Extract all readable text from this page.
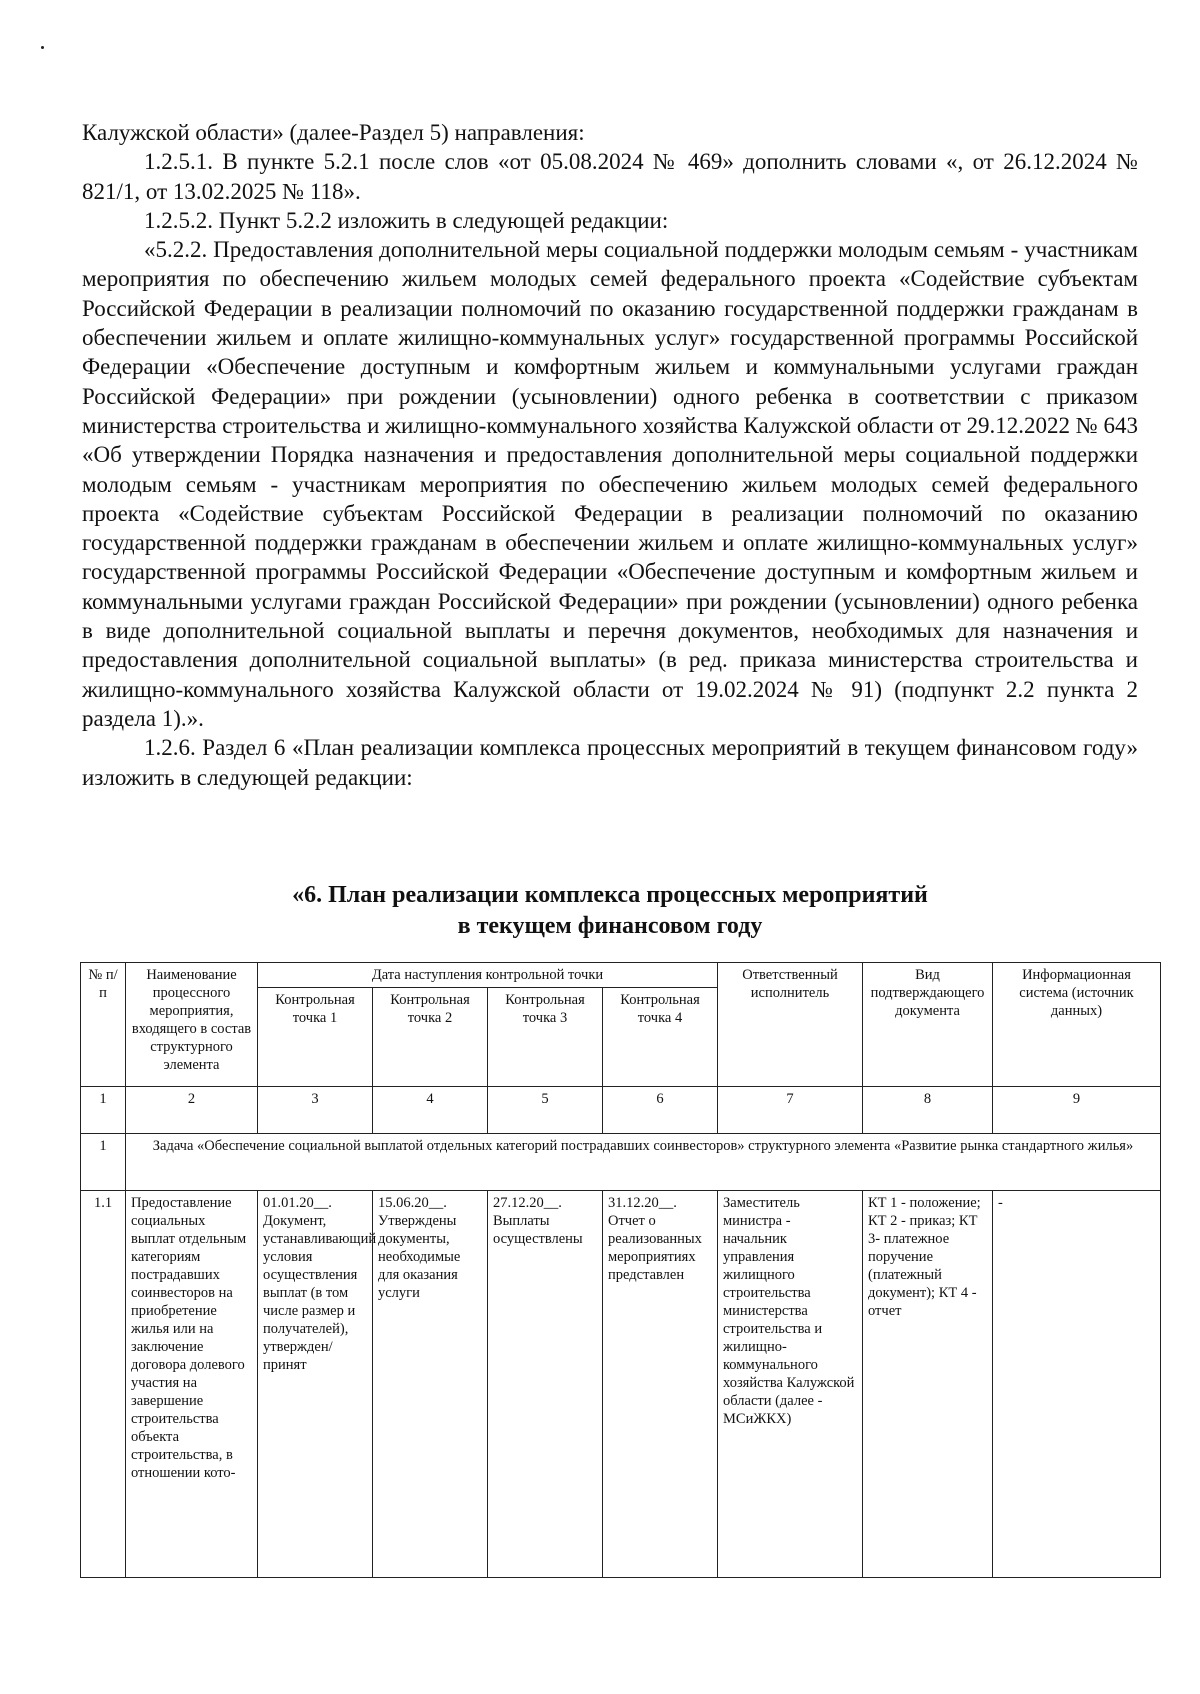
Калужской области» (далее-Раздел 5) направления:

1.2.5.1. В пункте 5.2.1 после слов «от 05.08.2024 № 469» дополнить словами «, от 26.12.2024 № 821/1, от 13.02.2025 № 118».

1.2.5.2. Пункт 5.2.2 изложить в следующей редакции:

«5.2.2. Предоставления дополнительной меры социальной поддержки молодым семьям - участникам мероприятия по обеспечению жильем молодых семей федерального проекта «Содействие субъектам Российской Федерации в реализации полномочий по оказанию государственной поддержки гражданам в обеспечении жильем и оплате жилищно-коммунальных услуг» государственной программы Российской Федерации «Обеспечение доступным и комфортным жильем и коммунальными услугами граждан Российской Федерации» при рождении (усыновлении) одного ребенка в соответствии с приказом министерства строительства и жилищно-коммунального хозяйства Калужской области от 29.12.2022 № 643 «Об утверждении Порядка назначения и предоставления дополнительной меры социальной поддержки молодым семьям - участникам мероприятия по обеспечению жильем молодых семей федерального проекта «Содействие субъектам Российской Федерации в реализации полномочий по оказанию государственной поддержки гражданам в обеспечении жильем и оплате жилищно-коммунальных услуг» государственной программы Российской Федерации «Обеспечение доступным и комфортным жильем и коммунальными услугами граждан Российской Федерации» при рождении (усыновлении) одного ребенка в виде дополнительной социальной выплаты и перечня документов, необходимых для назначения и предоставления дополнительной социальной выплаты» (в ред. приказа министерства строительства и жилищно-коммунального хозяйства Калужской области от 19.02.2024 № 91) (подпункт 2.2 пункта 2 раздела 1).».

1.2.6. Раздел 6 «План реализации комплекса процессных мероприятий в текущем финансовом году» изложить в следующей редакции:

«6. План реализации комплекса процессных мероприятий
в текущем финансовом году
№ п/п	Наименование процессного мероприятия, входящего в состав структурного элемента	Дата наступления контрольной точки				Ответственный исполнитель	Вид подтверждающего документа	Информационная система (источник данных)
		Контрольная точка 1	Контрольная точка 2	Контрольная точка 3	Контрольная точка 4			
1	2	3	4	5	6	7	8	9
1	Задача «Обеспечение социальной выплатой отдельных категорий пострадавших соинвесторов» структурного элемента «Развитие рынка стандартного жилья»							
1.1	Предоставление социальных выплат отдельным категориям пострадавших соинвесторов на приобретение жилья или на заключение договора долевого участия на завершение строительства объекта строительства, в отношении кото-	01.01.20__. Документ, устанавливающий условия осуществления выплат (в том числе размер и получателей), утвержден/принят	15.06.20__. Утверждены документы, необходимые для оказания услуги	27.12.20__. Выплаты осуществлены	31.12.20__. Отчет о реализованных мероприятиях представлен	Заместитель министра - начальник управления жилищного строительства министерства строительства и жилищно-коммунального хозяйства Калужской области (далее - МСиЖКХ)	КТ 1 - положение; КТ 2 - приказ; КТ 3- платежное поручение (платежный документ); КТ 4 - отчет	-
